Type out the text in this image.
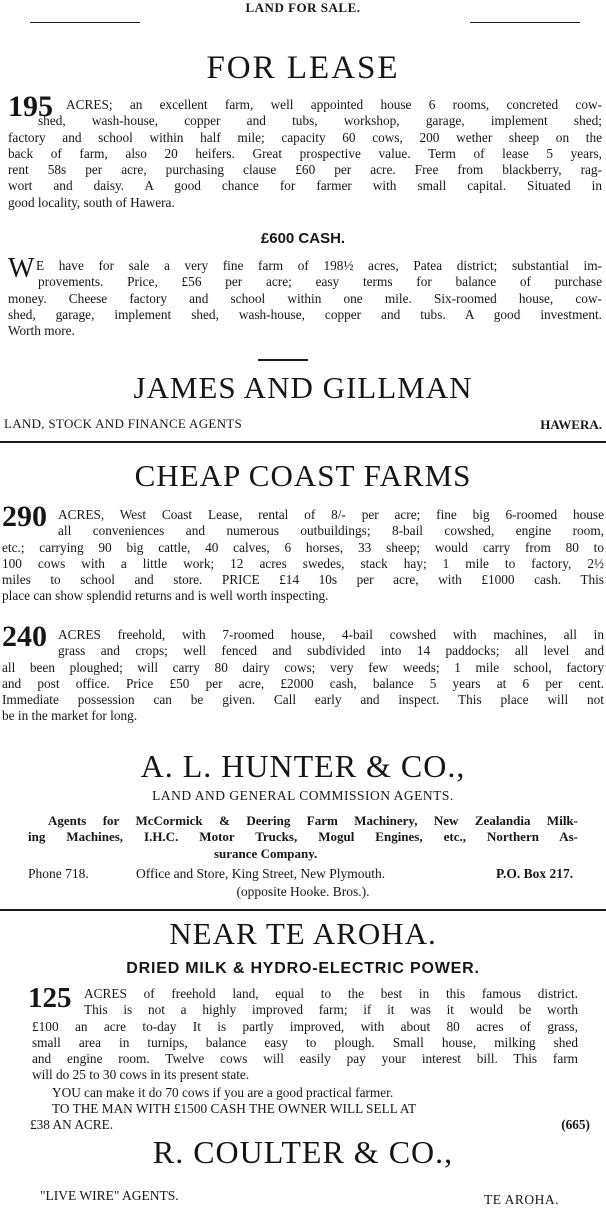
LAND FOR SALE.
FOR LEASE
195 ACRES; an excellent farm, well appointed house 6 rooms, concreted cow-
shed, wash-house, copper and tubs, workshop, garage, implement shed;
factory and school within half mile; capacity 60 cows, 200 wether sheep on the
back of farm, also 20 heifers. Great prospective value. Term of lease 5 years,
rent 58s per acre, purchasing clause £60 per acre. Free from blackberry, rag-
wort and daisy. A good chance for farmer with small capital. Situated in
good locality, south of Hawera.
£600 CASH.
W E have for sale a very fine farm of 198½ acres, Patea district; substantial im-
provements. Price, £56 per acre; easy terms for balance of purchase
money. Cheese factory and school within one mile. Six-roomed house, cow-
shed, garage, implement shed, wash-house, copper and tubs. A good investment.
Worth more.
JAMES AND GILLMAN
LAND, STOCK AND FINANCE AGENTS	HAWERA.
CHEAP COAST FARMS
290 ACRES, West Coast Lease, rental of 8/- per acre; fine big 6-roomed house
all conveniences and numerous outbuildings; 8-bail cowshed, engine room,
etc.; carrying 90 big cattle, 40 calves, 6 horses, 33 sheep; would carry from 80 to
100 cows with a little work; 12 acres swedes, stack hay; 1 mile to factory, 2½
miles to school and store. PRICE £14 10s per acre, with £1000 cash. This
place can show splendid returns and is well worth inspecting.
240 ACRES freehold, with 7-roomed house, 4-bail cowshed with machines, all in
grass and crops; well fenced and subdivided into 14 paddocks; all level and
all been ploughed; will carry 80 dairy cows; very few weeds; 1 mile school, factory
and post office. Price £50 per acre, £2000 cash, balance 5 years at 6 per cent.
Immediate possession can be given. Call early and inspect. This place will not
be in the market for long.
A. L. HUNTER & CO.,
LAND AND GENERAL COMMISSION AGENTS.
Agents for McCormick & Deering Farm Machinery, New Zealandia Milk-
ing Machines, I.H.C. Motor Trucks, Mogul Engines, etc., Northern As-
surance Company.
Phone 718.	Office and Store, King Street, New Plymouth.	P.O. Box 217.
(opposite Hooke. Bros.).
NEAR TE AROHA.
DRIED MILK & HYDRO-ELECTRIC POWER.
125 ACRES of freehold land, equal to the best in this famous district.
This is not a highly improved farm; if it was it would be worth
£100 an acre to-day It is partly improved, with about 80 acres of grass,
small area in turnips, balance easy to plough. Small house, milking shed
and engine room. Twelve cows will easily pay your interest bill. This farm
will do 25 to 30 cows in its present state.
YOU can make it do 70 cows if you are a good practical farmer.
TO THE MAN WITH £1500 CASH THE OWNER WILL SELL AT
£38 AN ACRE.	(665)
R. COULTER & CO.,
"LIVE WIRE" AGENTS.	TE AROHA.
